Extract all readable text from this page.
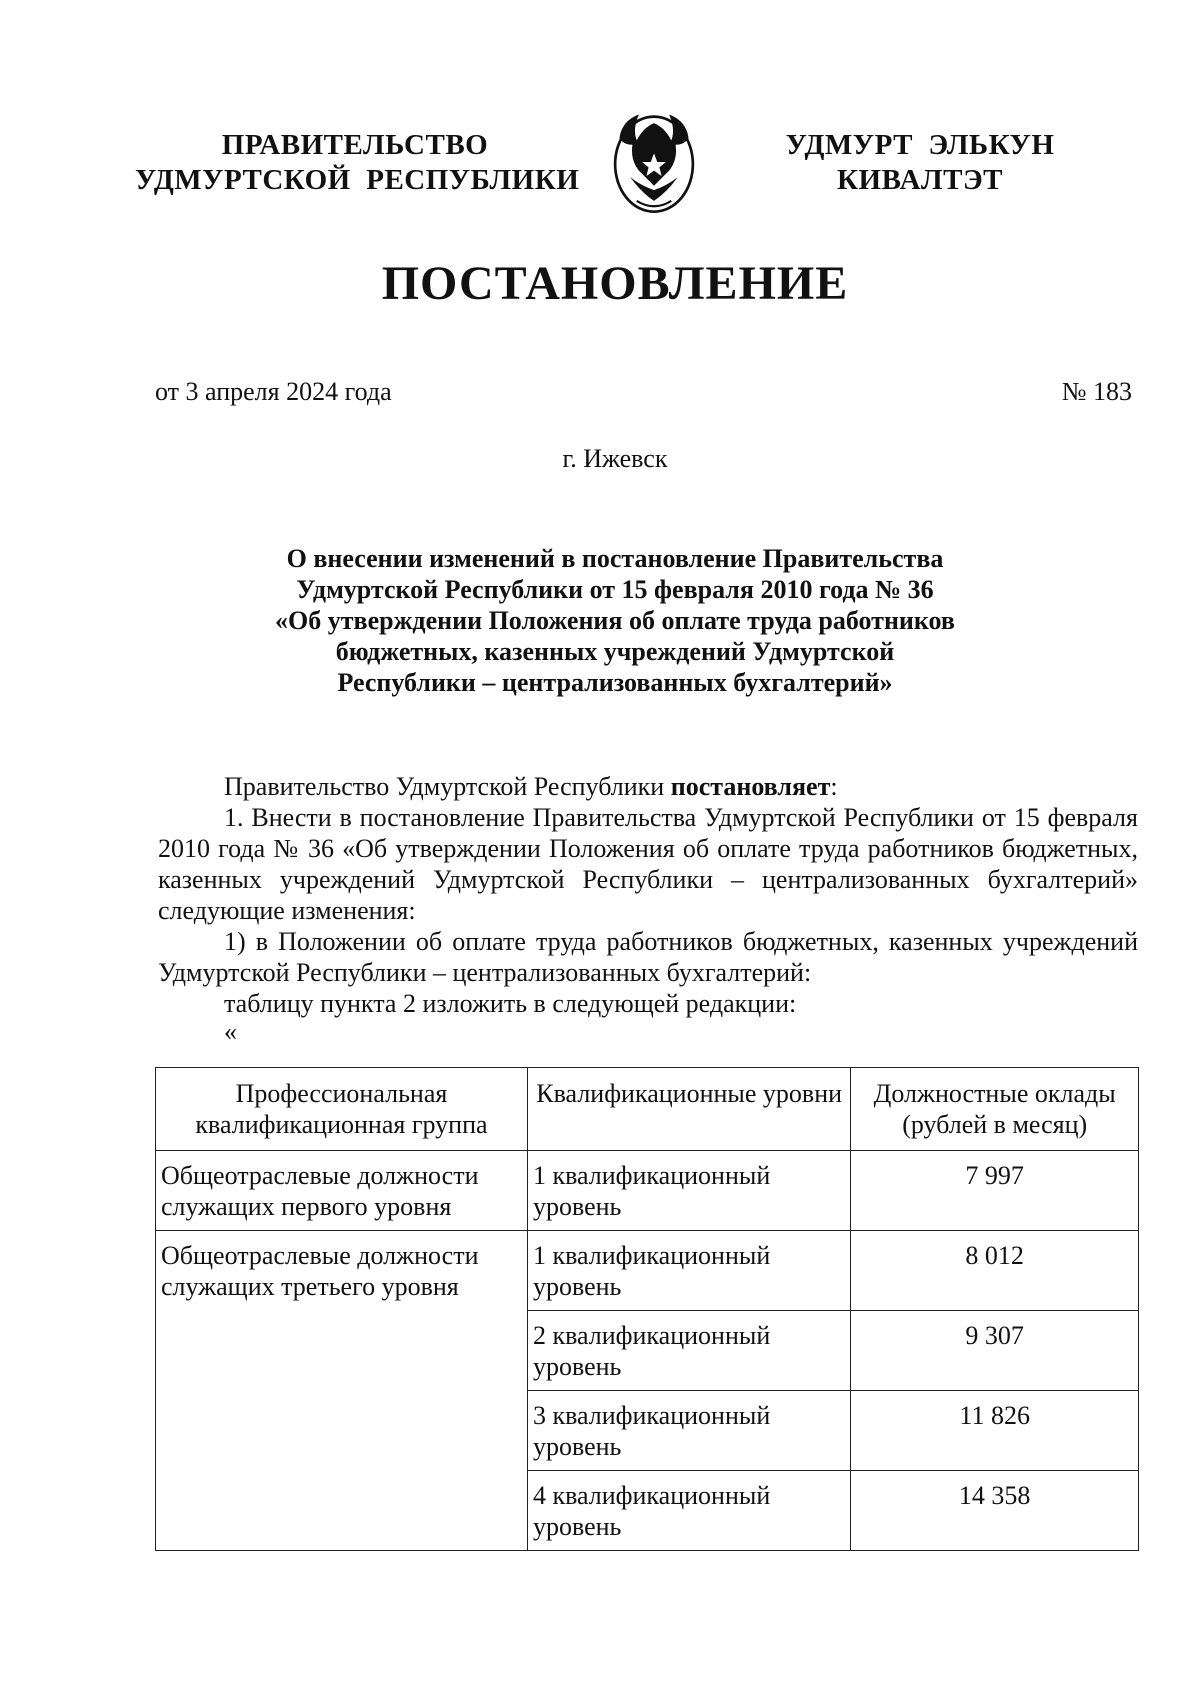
ПРАВИТЕЛЬСТВО
УДМУРТСКОЙ  РЕСПУБЛИКИ
УДМУРТ  ЭЛЬКУН
КИВАЛТЭТ
ПОСТАНОВЛЕНИЕ
от 3 апреля 2024 года	№ 183
г. Ижевск
О внесении изменений в постановление Правительства
Удмуртской Республики от 15 февраля 2010 года № 36
«Об утверждении Положения об оплате труда работников
бюджетных, казенных учреждений Удмуртской
Республики – централизованных бухгалтерий»

Правительство Удмуртской Республики постановляет:

1. Внести в постановление Правительства Удмуртской Республики от 15 февраля 2010 года № 36 «Об утверждении Положения об оплате труда работников бюджетных, казенных учреждений Удмуртской Республики – централизованных бухгалтерий» следующие изменения:

1) в Положении об оплате труда работников бюджетных, казенных учреждений Удмуртской Республики – централизованных бухгалтерий:

таблицу пункта 2 изложить в следующей редакции:

«

Профессиональная квалификационная группа	Квалификационные уровни	Должностные оклады (рублей в месяц)
Общеотраслевые должности служащих первого уровня	1 квалификационный уровень	7 997
Общеотраслевые должности служащих третьего уровня	1 квалификационный уровень	8 012
	2 квалификационный уровень	9 307
	3 квалификационный уровень	11 826
	4 квалификационный уровень	14 358
